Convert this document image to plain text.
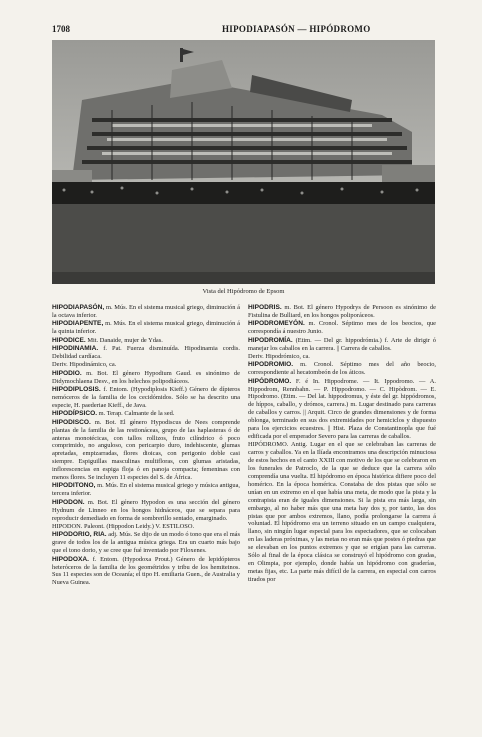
1708	HIPODIAPASÓN — HIPÓDROMO
Vista del Hipódromo de Epsom

HIPODIAPASÓN, m. Mús. En el sistema musical griego, diminución á la octava inferior.

HIPODIAPENTE, m. Mús. En el sistema musical griego, diminución á la quinta inferior.

HIPODICE. Mit. Danaide, mujer de Ydas.

HIPODINAMIA. f. Pat. Fuerza disminuída. Hipodinamia cordis. Debilidad cardíaca.

Deriv. Hipodinámico, ca.

HIPODIO. m. Bot. El género Hypodium Gaud. es sinónimo de Didymochlaena Desv., en los helechos polipodiáceos.

HIPODIPLOSIS. f. Entom. (Hypodiplosis Kieff.) Género de dípteros nemóceros de la familia de los cecidómidos. Sólo se ha descrito una especie, H. paederiae Kieff., de Java.

HIPODÍPSICO. m. Terap. Calmante de la sed.

HIPODISCO. m. Bot. El género Hypodiscus de Nees comprende plantas de la familia de las restionáceas, grupo de las haplasteras ó de anteras monotécicas, con tallos rollizos, fruto cilíndrico ó poco comprimido, no anguloso, con pericarpio duro, indehiscente, glumas apretadas, empizarradas, flores dioicas, con perigonio doble casi siempre. Espiguillas masculinas multifloras, con glumas aristadas, inflorescencias en espiga floja ó en panoja compacta; femeninas con menos flores. Se incluyen 11 especies del S. de África.

HIPODITONO, m. Mús. En el sistema musical griego y música antigua, tercera inferior.

HIPODON. m. Bot. El género Hypodon es una sección del género Hydnum de Linneo en los hongos hidnáceos, que se separa para reproducir demediado en forma de sombrerillo sentado, emarginado.

HIPODON. Paleont. (Hippodon Leidy.) V. ESTILOSO.

HIPODORIO, RIA. adj. Mús. Se dijo de un modo ó tono que era el más grave de todos los de la antigua música griega. Era un cuarto más bajo que el tono dorio, y se cree que fué inventado por Filoxenes.

HIPODOXA. f. Entom. (Hypodoxa Prout.) Género de lepidópteros heteróceros de la familia de los geométridos y tribu de los hemiteinos. Sus 11 especies son de Oceanía; el tipo H. emiliaria Guen., de Australia y Nueva Guinea.

HIPODRIS. m. Bot. El género Hypodrys de Persoon es sinónimo de Fistulina de Bulliard, en los hongos poliporáceos.

HIPODROMEYÓN. m. Cronol. Séptimo mes de los beocios, que correspondía á nuestro Junio.

HIPODROMÍA. (Etim. — Del gr. hippodrómia.) f. Arte de dirigir ó manejar los caballos en la carrera. || Carrera de caballos.

Deriv. Hipodrómico, ca.

HIPODROMIO. m. Cronol. Séptimo mes del año beocio, correspondiente al hecatombeón de los áticos.

HIPÓDROMO. F. é In. Hippodrome. — It. Ippodromo. — A. Hippodrom, Rennbahn. — P. Hippodromo. — C. Hipòdrom. — E. Hipodromo. (Etim. — Del lat. hippodromus, y éste del gr. hippódromos, de híppos, caballo, y drómos, carrera.) m. Lugar destinado para carreras de caballos y carros. || Arquit. Circo de grandes dimensiones y de forma oblonga, terminado en sus dos extremidades por hemiciclos y dispuesto para los ejercicios ecuestres. || Hist. Plaza de Constantinopla que fué edificada por el emperador Severo para las carreras de caballos.

HIPÓDROMO. Antig. Lugar en el que se celebraban las carreras de carros y caballos. Ya en la Ilíada encontramos una descripción minuciosa de estos hechos en el canto XXIII con motivo de los que se celebraron en los funerales de Patroclo, de la que se deduce que la carrera sólo comprendía una vuelta. El hipódromo en época histórica difiere poco del homérico. En la época homérica. Constaba de dos pistas que sólo se unían en un extremo en el que había una meta, de modo que la pista y la contrapista eran de iguales dimensiones. Si la pista era más larga, sin embargo, al no haber más que una meta hay dos y, por tanto, las dos pistas que por ambos extremos, llano, podía prolongarse la carrera á voluntad. El hipódromo era un terreno situado en un campo cualquiera, llano, sin ningún lugar especial para los espectadores, que se colocaban en las laderas próximas, y las metas no eran más que postes ó piedras que se elevaban en los puntos extremos y que se erigían para las carreras. Sólo al final de la época clásica se construyó el hipódromo con gradas, en Olimpia, por ejemplo, donde había un hipódromo con graderías, metas fijas, etc. La parte más difícil de la carrera, en especial con carros tirados por
